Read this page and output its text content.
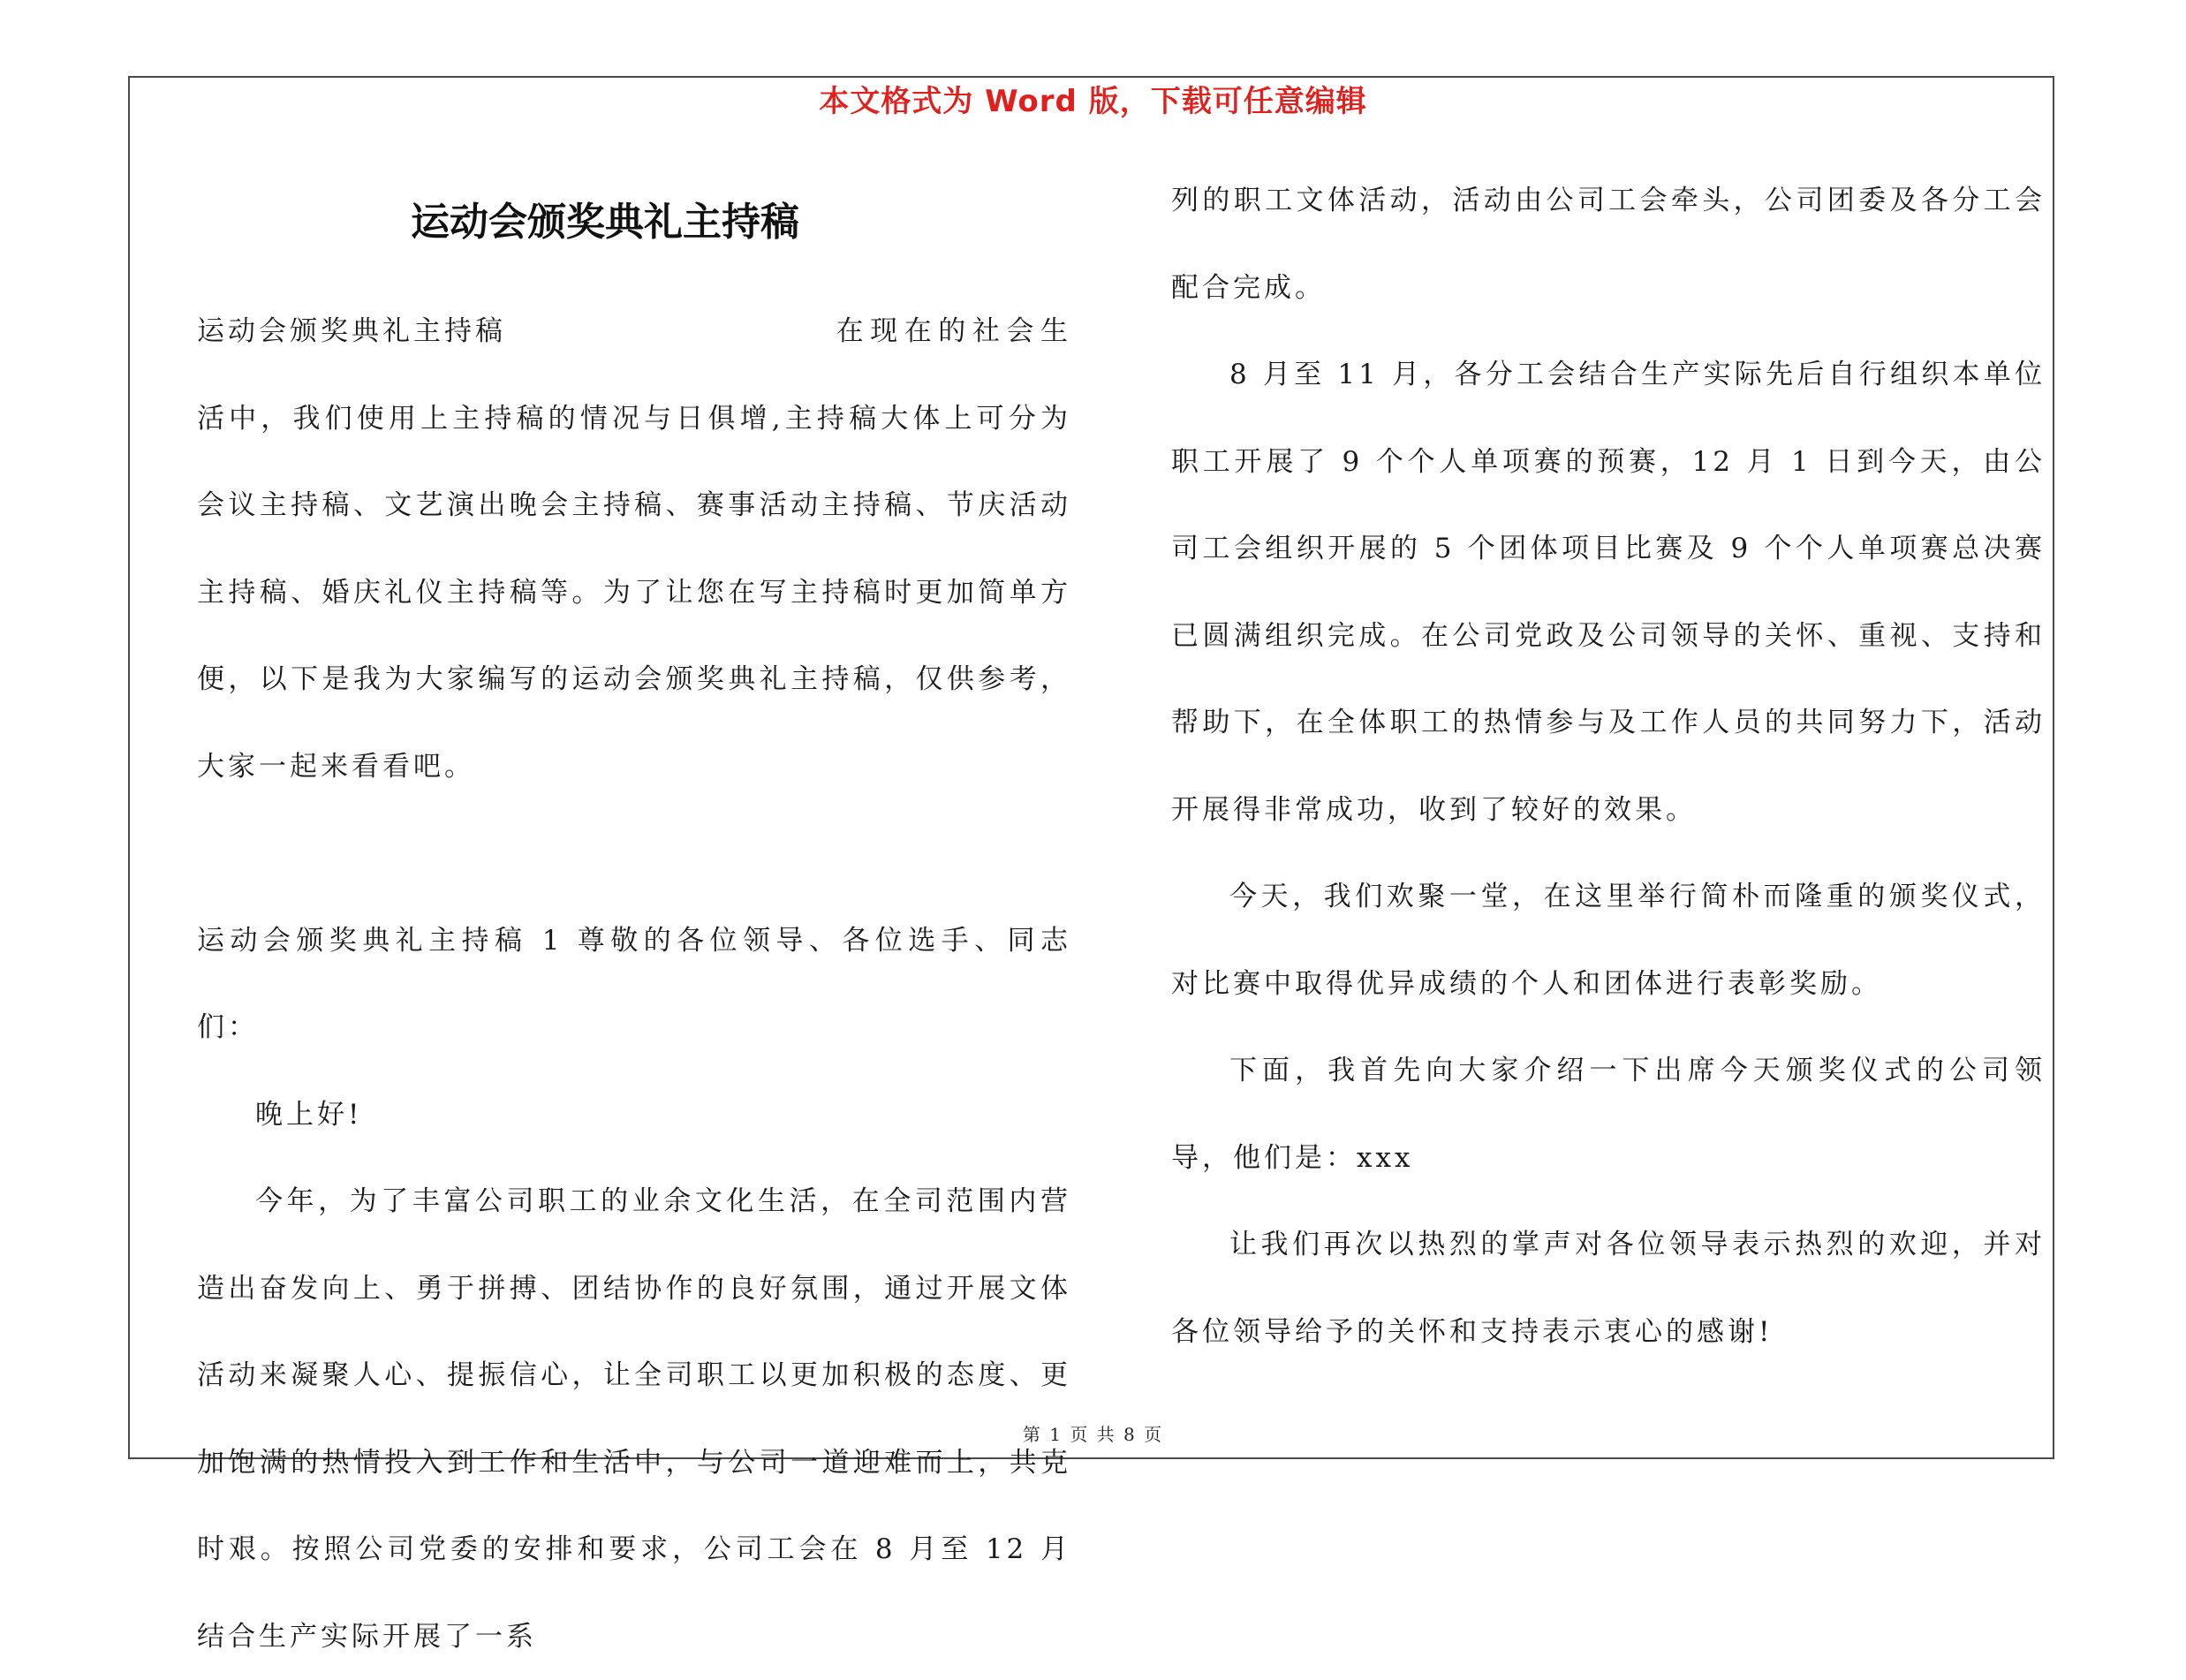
本文格式为 Word 版，下载可任意编辑
运动会颁奖典礼主持稿

运动会颁奖典礼主持稿	在现在的社会生活中，我们使用上主持稿的情况与日俱增,主持稿大体上可分为会议主持稿、文艺演出晚会主持稿、赛事活动主持稿、节庆活动主持稿、婚庆礼仪主持稿等。为了让您在写主持稿时更加简单方便，以下是我为大家编写的运动会颁奖典礼主持稿，仅供参考，大家一起来看看吧。

运动会颁奖典礼主持稿 1 尊敬的各位领导、各位选手、同志们：

晚上好!

今年，为了丰富公司职工的业余文化生活，在全司范围内营造出奋发向上、勇于拼搏、团结协作的良好氛围，通过开展文体活动来凝聚人心、提振信心，让全司职工以更加积极的态度、更加饱满的热情投入到工作和生活中，与公司一道迎难而上，共克时艰。按照公司党委的安排和要求，公司工会在 8 月至 12 月结合生产实际开展了一系

列的职工文体活动，活动由公司工会牵头，公司团委及各分工会配合完成。

8 月至 11 月，各分工会结合生产实际先后自行组织本单位职工开展了 9 个个人单项赛的预赛，12 月 1 日到今天，由公司工会组织开展的 5 个团体项目比赛及 9 个个人单项赛总决赛已圆满组织完成。在公司党政及公司领导的关怀、重视、支持和帮助下，在全体职工的热情参与及工作人员的共同努力下，活动开展得非常成功，收到了较好的效果。

今天，我们欢聚一堂，在这里举行简朴而隆重的颁奖仪式，对比赛中取得优异成绩的个人和团体进行表彰奖励。

下面，我首先向大家介绍一下出席今天颁奖仪式的公司领导，他们是：xxx

让我们再次以热烈的掌声对各位领导表示热烈的欢迎，并对各位领导给予的关怀和支持表示衷心的感谢!

第 1 页 共 8 页
